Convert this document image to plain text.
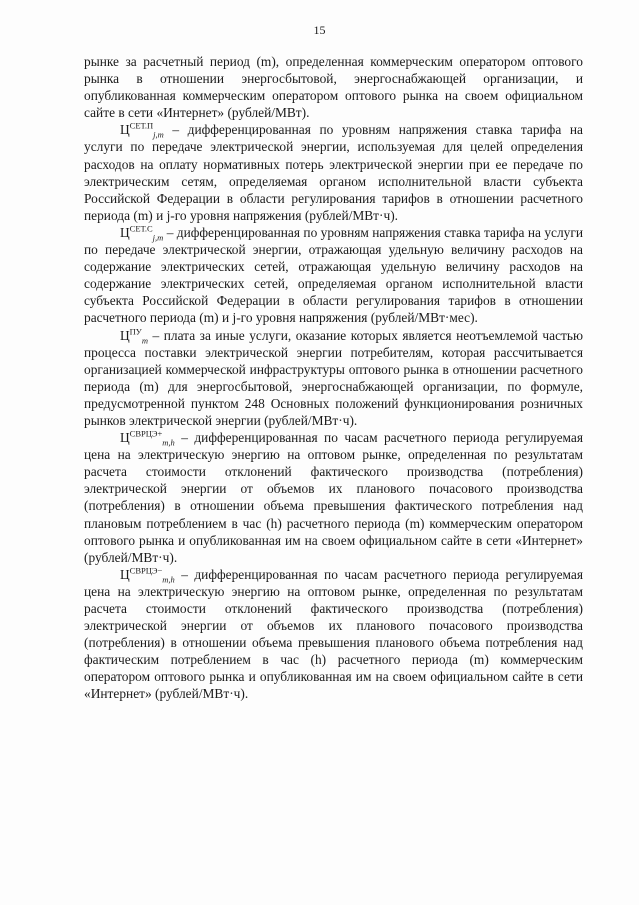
15

рынке за расчетный период (m), определенная коммерческим оператором оптового рынка в отношении энергосбытовой, энергоснабжающей организации, и опубликованная коммерческим оператором оптового рынка на своем официальном сайте в сети «Интернет» (рублей/МВт).

$Ц^{СЕТ.П}_{j,m}$ – дифференцированная по уровням напряжения ставка тарифа на услуги по передаче электрической энергии, используемая для целей определения расходов на оплату нормативных потерь электрической энергии при ее передаче по электрическим сетям, определяемая органом исполнительной власти субъекта Российской Федерации в области регулирования тарифов в отношении расчетного периода (m) и j-го уровня напряжения (рублей/МВт·ч).

$Ц^{СЕТ.С}_{j,m}$ – дифференцированная по уровням напряжения ставка тарифа на услуги по передаче электрической энергии, отражающая удельную величину расходов на содержание электрических сетей, отражающая удельную величину расходов на содержание электрических сетей, определяемая органом исполнительной власти субъекта Российской Федерации в области регулирования тарифов в отношении расчетного периода (m) и j-го уровня напряжения (рублей/МВт·мес).

$Ц^{ПУ}_m$ – плата за иные услуги, оказание которых является неотъемлемой частью процесса поставки электрической энергии потребителям, которая рассчитывается организацией коммерческой инфраструктуры оптового рынка в отношении расчетного периода (m) для энергосбытовой, энергоснабжающей организации, по формуле, предусмотренной пунктом 248 Основных положений функционирования розничных рынков электрической энергии (рублей/МВт·ч).

$Ц^{СВРЦЭ+}_{m,h}$ – дифференцированная по часам расчетного периода регулируемая цена на электрическую энергию на оптовом рынке, определенная по результатам расчета стоимости отклонений фактического производства (потребления) электрической энергии от объемов их планового почасового производства (потребления) в отношении объема превышения фактического потребления над плановым потреблением в час (h) расчетного периода (m) коммерческим оператором оптового рынка и опубликованная им на своем официальном сайте в сети «Интернет» (рублей/МВт·ч).

$Ц^{СВРЦЭ-}_{m,h}$ – дифференцированная по часам расчетного периода регулируемая цена на электрическую энергию на оптовом рынке, определенная по результатам расчета стоимости отклонений фактического производства (потребления) электрической энергии от объемов их планового почасового производства (потребления) в отношении объема превышения планового объема потребления над фактическим потреблением в час (h) расчетного периода (m) коммерческим оператором оптового рынка и опубликованная им на своем официальном сайте в сети «Интернет» (рублей/МВт·ч).
